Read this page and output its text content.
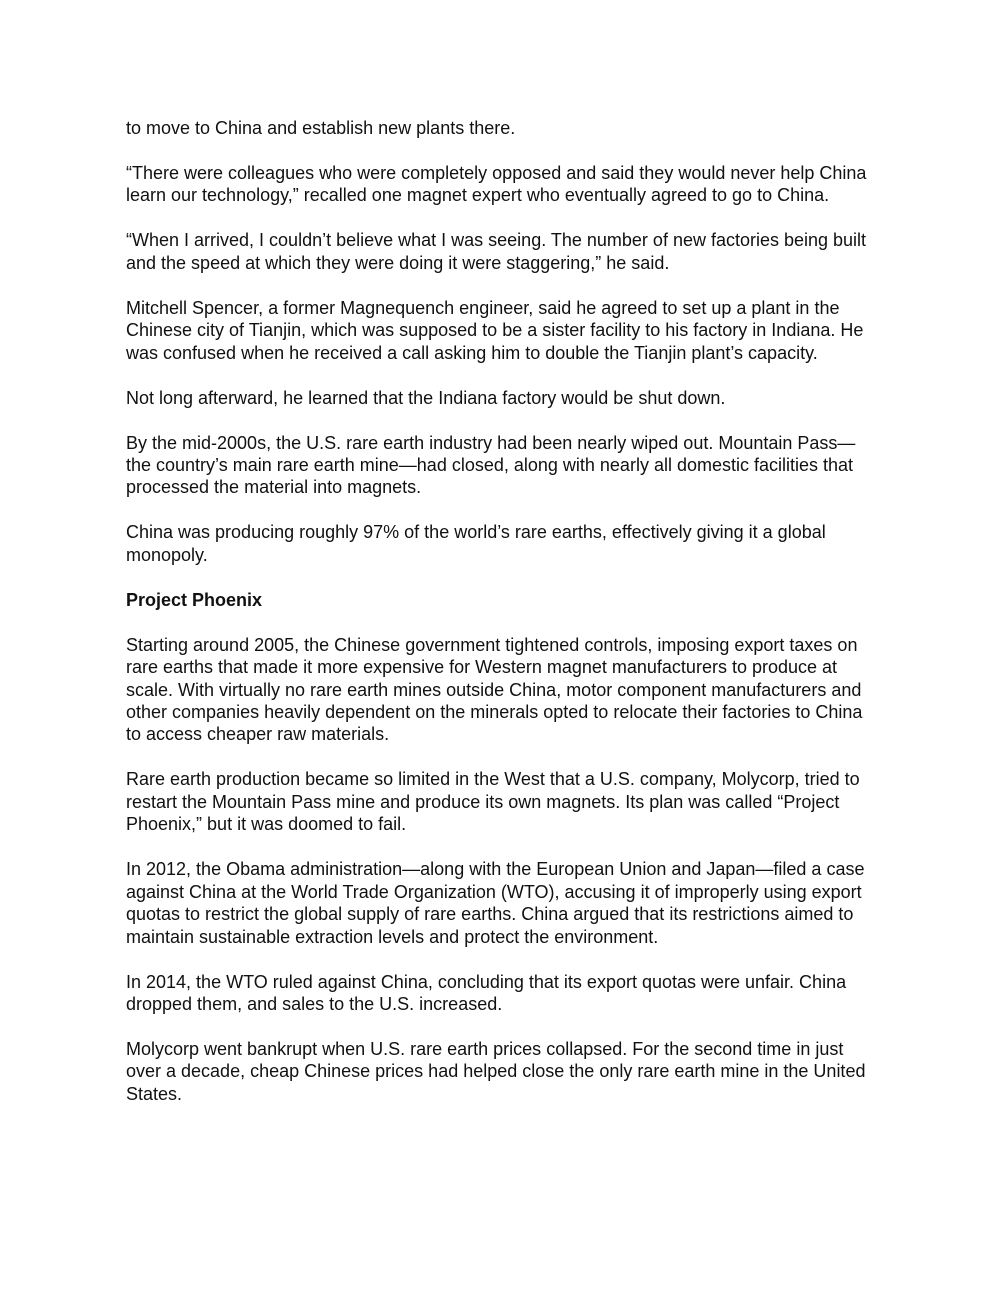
to move to China and establish new plants there.

“There were colleagues who were completely opposed and said they would never help China learn our technology,” recalled one magnet expert who eventually agreed to go to China.

“When I arrived, I couldn’t believe what I was seeing. The number of new factories being built and the speed at which they were doing it were staggering,” he said.

Mitchell Spencer, a former Magnequench engineer, said he agreed to set up a plant in the Chinese city of Tianjin, which was supposed to be a sister facility to his factory in Indiana. He was confused when he received a call asking him to double the Tianjin plant’s capacity.

Not long afterward, he learned that the Indiana factory would be shut down.

By the mid-2000s, the U.S. rare earth industry had been nearly wiped out. Mountain Pass—the country’s main rare earth mine—had closed, along with nearly all domestic facilities that processed the material into magnets.

China was producing roughly 97% of the world’s rare earths, effectively giving it a global monopoly.

Project Phoenix

Starting around 2005, the Chinese government tightened controls, imposing export taxes on rare earths that made it more expensive for Western magnet manufacturers to produce at scale. With virtually no rare earth mines outside China, motor component manufacturers and other companies heavily dependent on the minerals opted to relocate their factories to China to access cheaper raw materials.

Rare earth production became so limited in the West that a U.S. company, Molycorp, tried to restart the Mountain Pass mine and produce its own magnets. Its plan was called “Project Phoenix,” but it was doomed to fail.

In 2012, the Obama administration—along with the European Union and Japan—filed a case against China at the World Trade Organization (WTO), accusing it of improperly using export quotas to restrict the global supply of rare earths. China argued that its restrictions aimed to maintain sustainable extraction levels and protect the environment.

In 2014, the WTO ruled against China, concluding that its export quotas were unfair. China dropped them, and sales to the U.S. increased.

Molycorp went bankrupt when U.S. rare earth prices collapsed. For the second time in just over a decade, cheap Chinese prices had helped close the only rare earth mine in the United States.
